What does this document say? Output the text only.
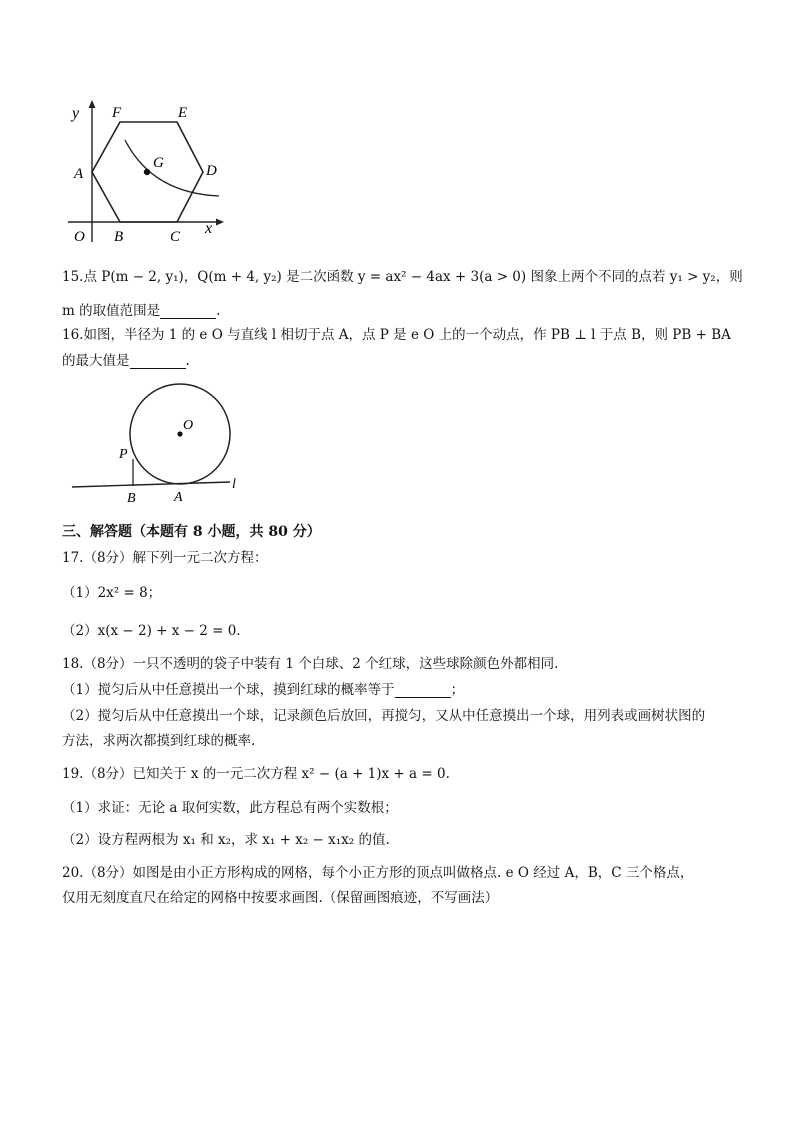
y F	E
A
G	D
O B	C x
15.点 P(m − 2, y₁)，Q(m + 4, y₂) 是二次函数 y = ax² − 4ax + 3(a > 0) 图象上两个不同的点若 y₁ > y₂，则
m 的取值范围是	.
16.如图，半径为 1 的 e O 与直线 l 相切于点 A，点 P 是 e O 上的一个动点，作 PB ⊥ l 于点 B，则 PB + BA
的最大值是	.
O
P
B	A
l
三、解答题（本题有 8 小题，共 80 分）
17.（8分）解下列一元二次方程：
（1）2x² = 8；
（2）x(x − 2) + x − 2 = 0.
18.（8分）一只不透明的袋子中装有 1 个白球、2 个红球，这些球除颜色外都相同.
（1）搅匀后从中任意摸出一个球，摸到红球的概率等于	；
（2）搅匀后从中任意摸出一个球，记录颜色后放回，再搅匀，又从中任意摸出一个球，用列表或画树状图的
方法，求两次都摸到红球的概率.
19.（8分）已知关于 x 的一元二次方程 x² − (a + 1)x + a = 0.
（1）求证：无论 a 取何实数，此方程总有两个实数根；
（2）设方程两根为 x₁ 和 x₂，求 x₁ + x₂ − x₁x₂ 的值.
20.（8分）如图是由小正方形构成的网格，每个小正方形的顶点叫做格点. e O 经过 A，B，C 三个格点，
仅用无刻度直尺在给定的网格中按要求画图.（保留画图痕迹，不写画法）
